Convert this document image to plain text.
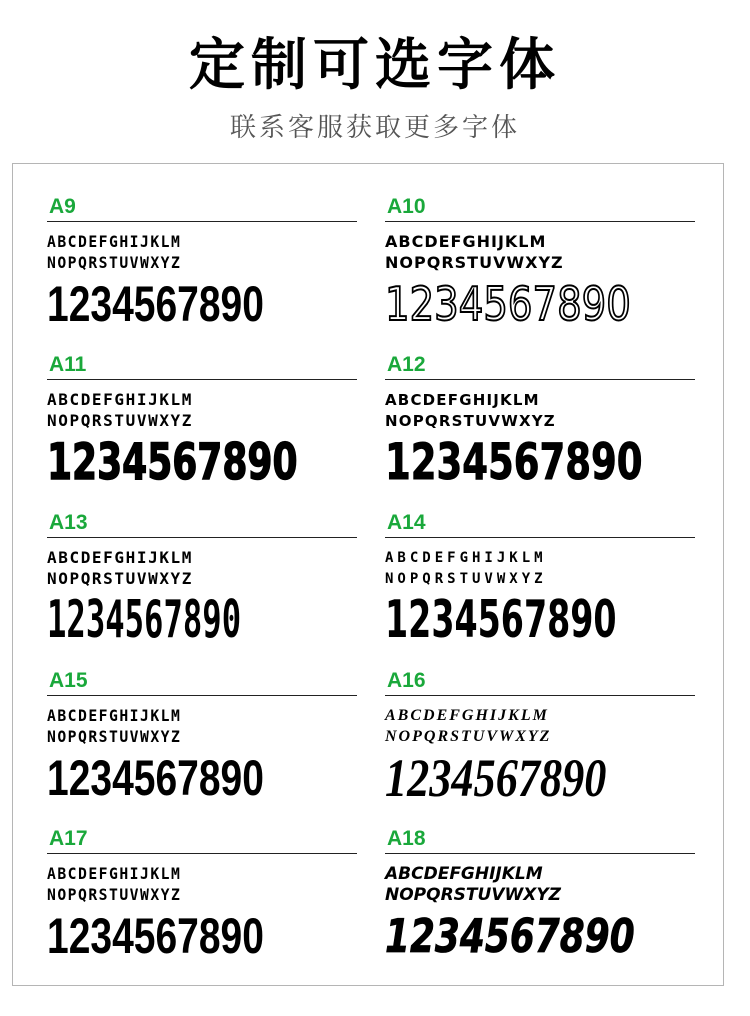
定制可选字体
联系客服获取更多字体
A9
ABCDEFGHIJKLM
NOPQRSTUVWXYZ
1234567890
A10
ABCDEFGHIJKLM
NOPQRSTUVWXYZ
1234567890
A11
ABCDEFGHIJKLM
NOPQRSTUVWXYZ
1234567890
A12
ABCDEFGHIJKLM
NOPQRSTUVWXYZ
1234567890
A13
ABCDEFGHIJKLM
NOPQRSTUVWXYZ
1234567890
A14
ABCDEFGHIJKLM
NOPQRSTUVWXYZ
1234567890
A15
ABCDEFGHIJKLM
NOPQRSTUVWXYZ
1234567890
A16
ABCDEFGHIJKLM
NOPQRSTUVWXYZ
1234567890
A17
ABCDEFGHIJKLM
NOPQRSTUVWXYZ
1234567890
A18
ABCDEFGHIJKLM
NOPQRSTUVWXYZ
1234567890
